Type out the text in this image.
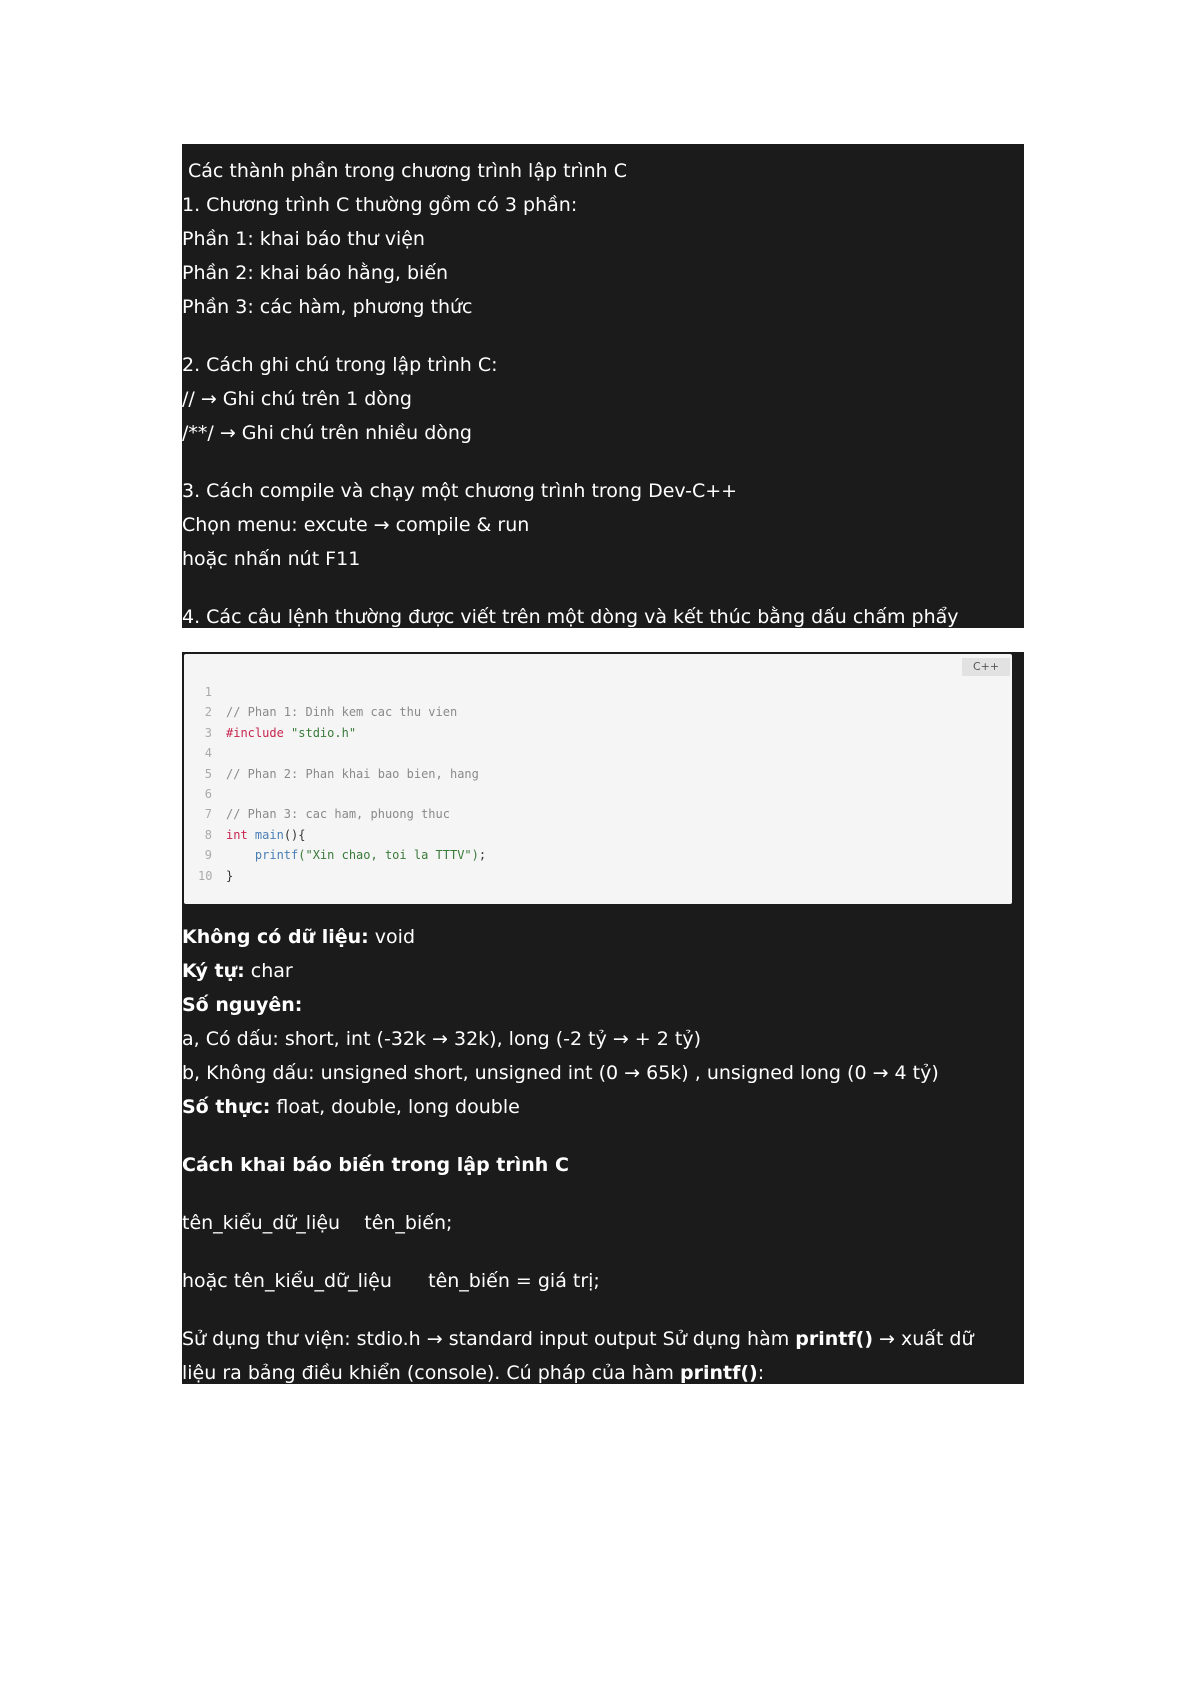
Các thành phần trong chương trình lập trình C
1. Chương trình C thường gồm có 3 phần:
Phần 1: khai báo thư viện
Phần 2: khai báo hằng, biến
Phần 3: các hàm, phương thức
2. Cách ghi chú trong lập trình C:
// → Ghi chú trên 1 dòng
/**/ → Ghi chú trên nhiều dòng
3. Cách compile và chạy một chương trình trong Dev-C++
Chọn menu: excute → compile & run
hoặc nhấn nút F11
4. Các câu lệnh thường được viết trên một dòng và kết thúc bằng dấu chấm phẩy
C++
1
2 // Phan 1: Dinh kem cac thu vien
3 #include "stdio.h"
4
5 // Phan 2: Phan khai bao bien, hang
6
7 // Phan 3: cac ham, phuong thuc
8 int main(){
9    printf("Xin chao, toi la TTTV");
10 }
Không có dữ liệu: void
Ký tự: char
Số nguyên:
a, Có dấu: short, int (-32k → 32k), long (-2 tỷ → + 2 tỷ)
b, Không dấu: unsigned short, unsigned int (0 → 65k) , unsigned long (0 → 4 tỷ)
Số thực: float, double, long double
Cách khai báo biến trong lập trình C
tên_kiểu_dữ_liệu    tên_biến;
hoặc tên_kiểu_dữ_liệu      tên_biến = giá trị;
Sử dụng thư viện: stdio.h → standard input output Sử dụng hàm printf() → xuất dữ
liệu ra bảng điều khiển (console). Cú pháp của hàm printf():
